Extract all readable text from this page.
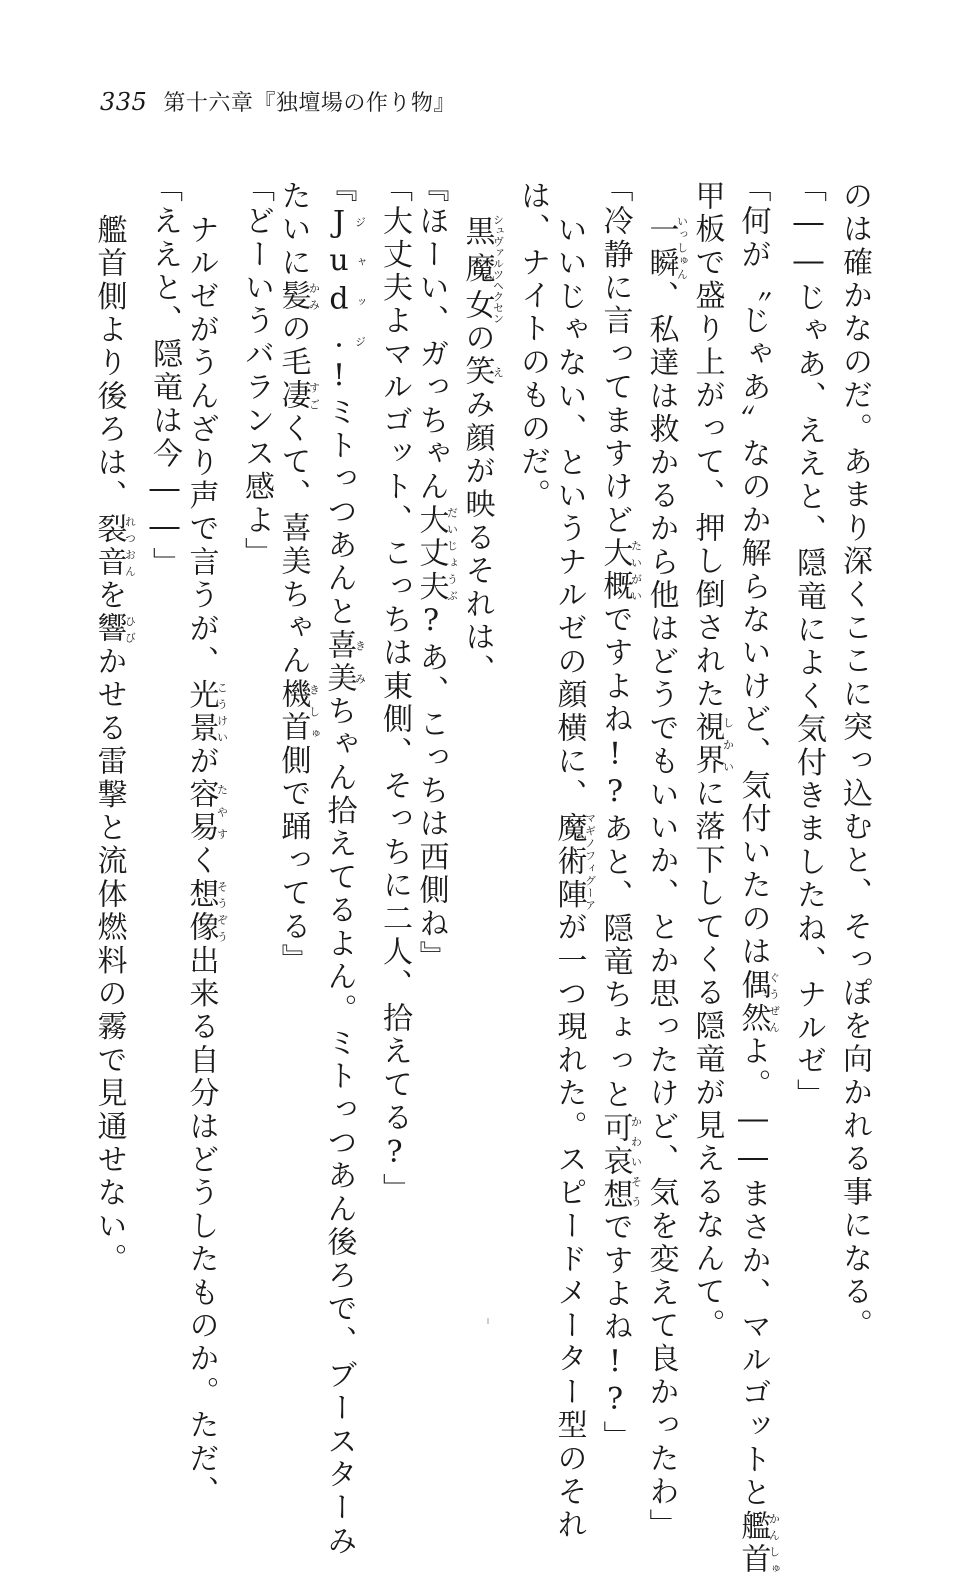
335 第十六章『独壇場の作り物』
のは確かなのだ。あまり深くここに突っ込むと、そっぽを向かれる事になる。
「――じゃあ、ええと、隠竜によく気付きましたね、ナルゼ」
「何が〝じゃあ〟なのか解らないけど、気付いたのは偶然ぐうぜんよ。――まさか、マルゴットと艦首かんしゅ
甲板で盛り上がって、押し倒された視界しかいに落下してくる隠竜が見えるなんて。
一瞬いっしゅん、私達は救かるから他はどうでもいいか、とか思ったけど、気を変えて良かったわ」
「冷静に言ってますけど大概たいがいですよね!?あと、隠竜ちょっと可哀想かわいそうですよね!?」
いいじゃない、というナルゼの顔横に、魔術陣マギノフィグーアが一つ現れた。スピードメーター型のそれ
は、ナイトのものだ。
黒魔女シュヴァルツヘクセンの笑えみ顔が映るそれは、
『ほーい、ガっちゃん大丈夫だいじょうぶ?あ、こっちは西側ね』
「大丈夫よマルゴット、こっちは東側、そっちに二人、拾えてる?」
『Jud.ジャッジ!ミトっつあんと喜美きみちゃん拾えてるよん。ミトっつあん後ろで、ブースターみ
たいに髪かみの毛凄すごくて、喜美ちゃん機首きしゅ側で踊ってる』
「どーいうバランス感よ」
ナルゼがうんざり声で言うが、光景こうけいが容易たやすく想像そうぞう出来る自分はどうしたものか。ただ、
「ええと、隠竜は今――」
艦首側より後ろは、裂音れつおんを響ひびかせる雷撃と流体燃料の霧で見通せない。
